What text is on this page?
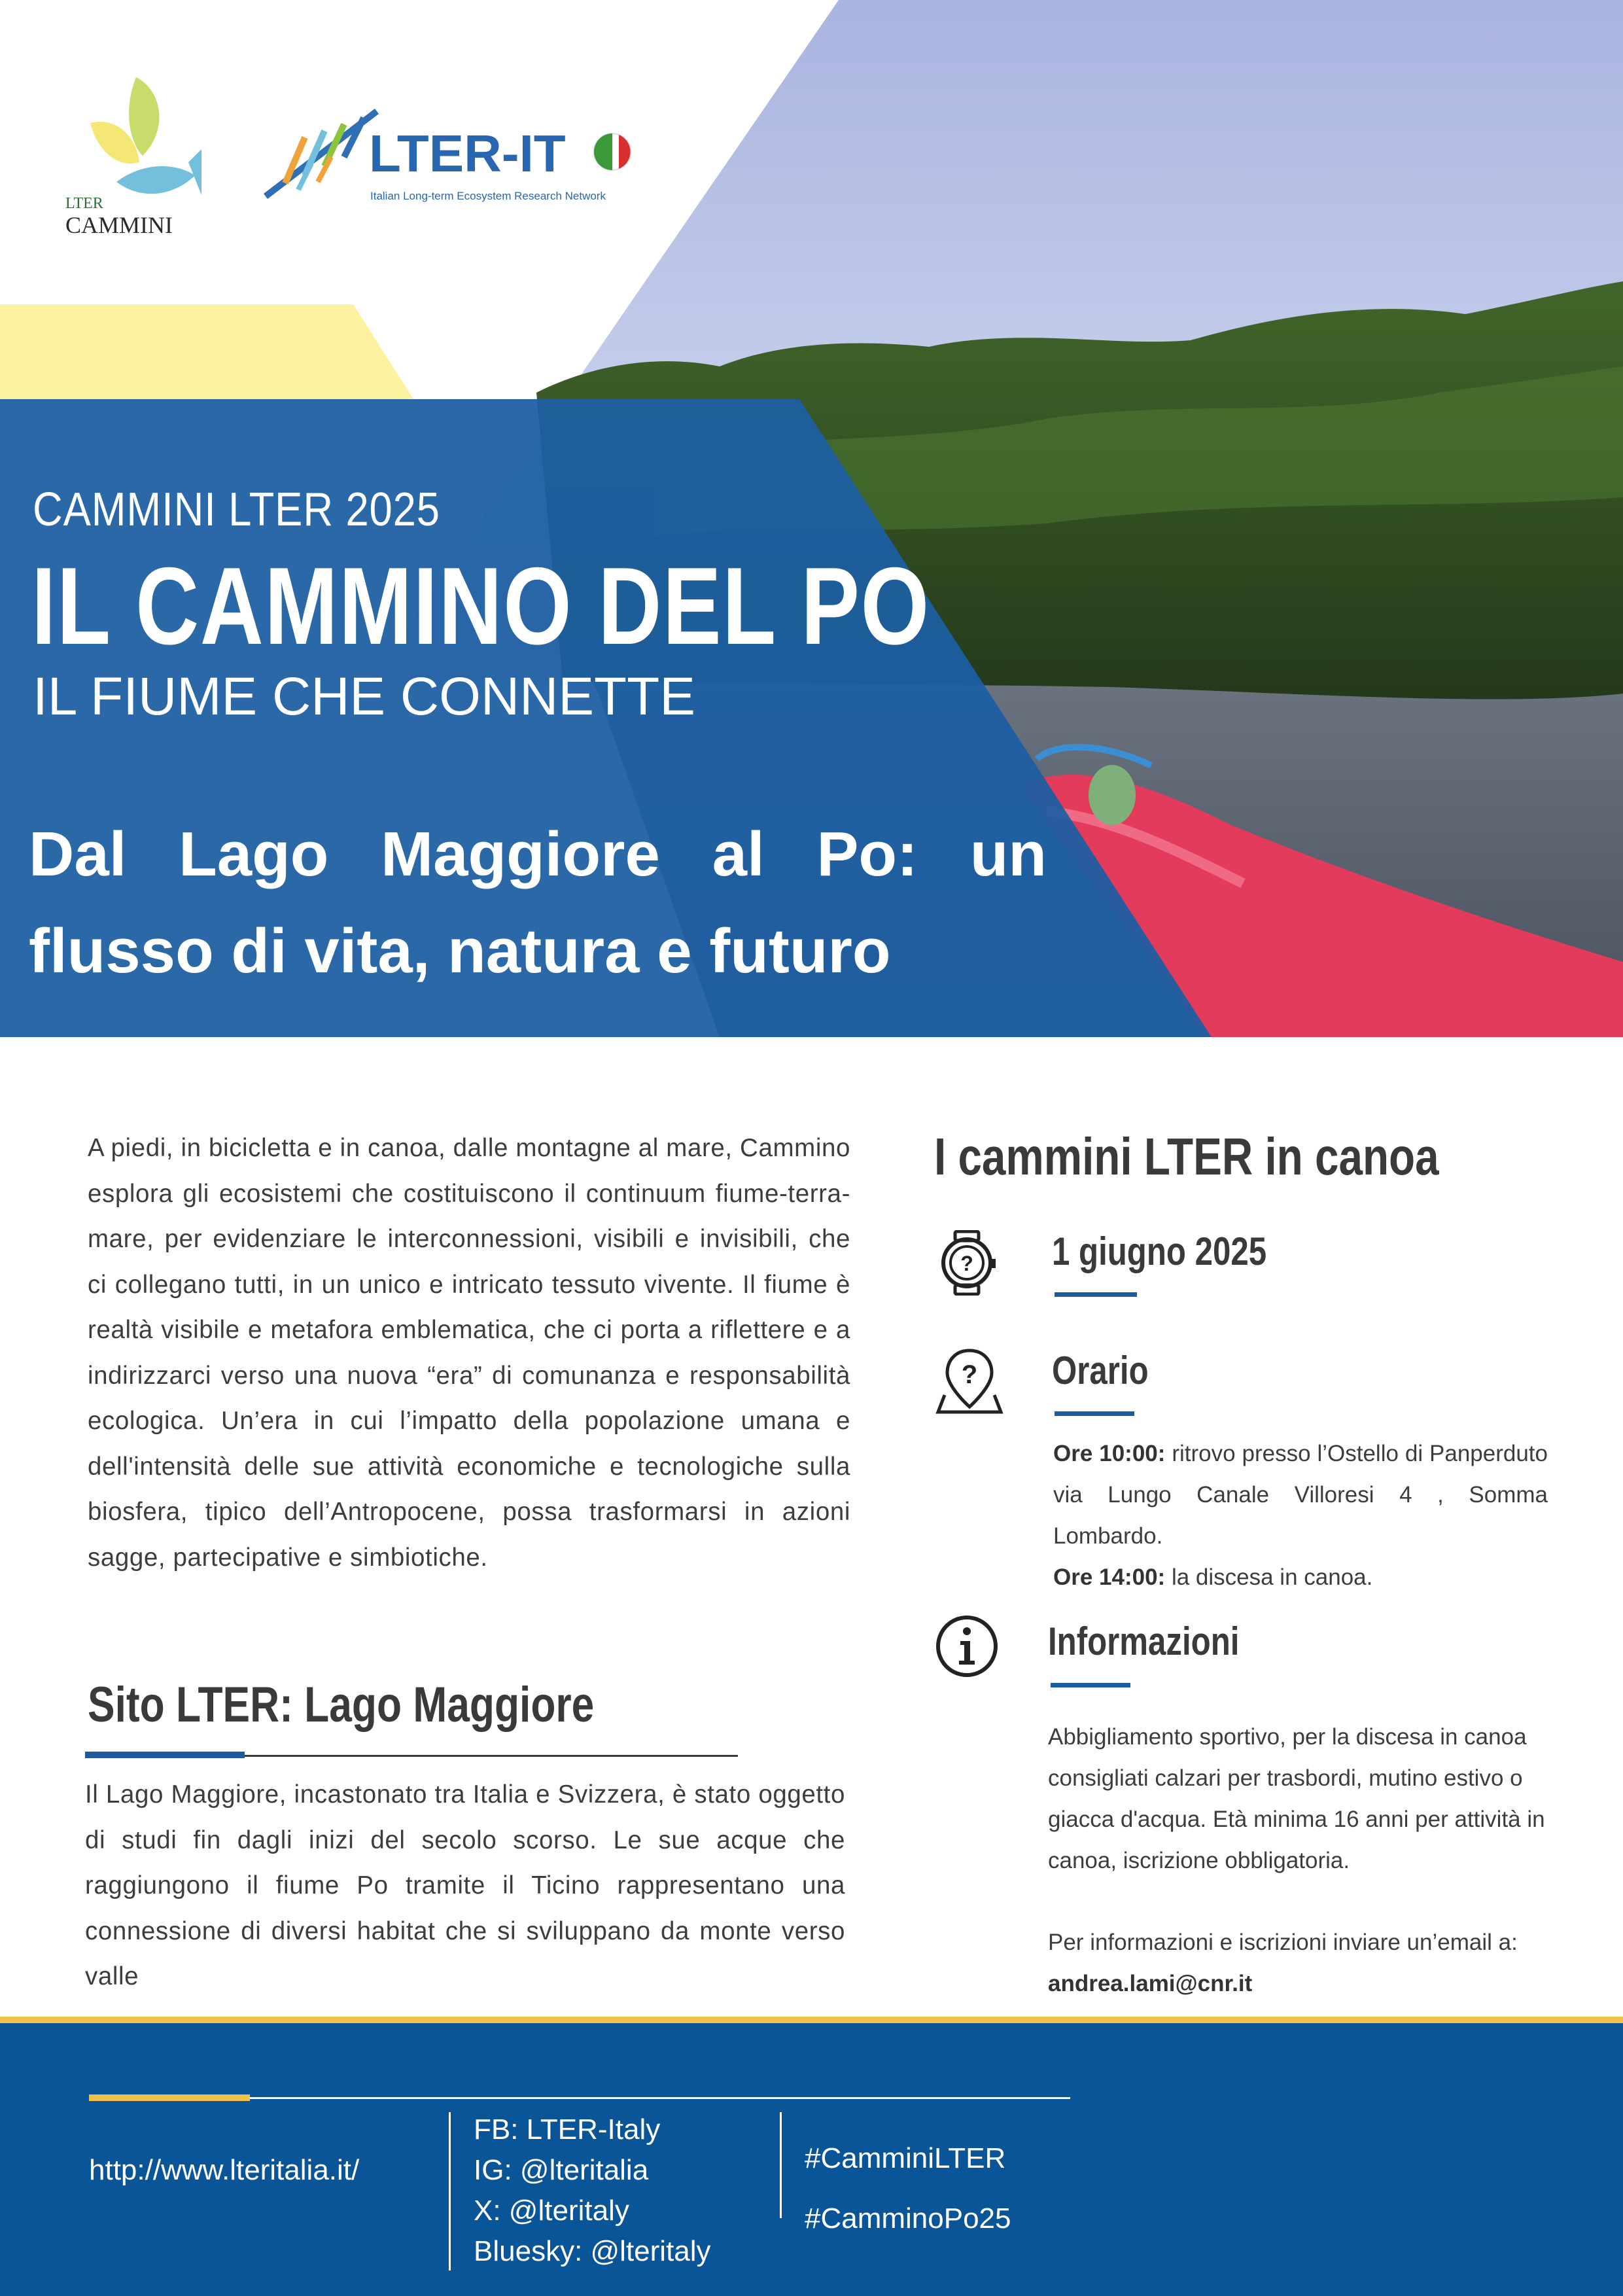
LTER
CAMMINI
LTER-IT
Italian Long-term Ecosystem Research Network
CAMMINI LTER 2025
IL CAMMINO DEL PO
IL FIUME CHE CONNETTE
Dal Lago Maggiore al Po: un flusso di vita, natura e futuro
A piedi, in bicicletta e in canoa, dalle montagne al mare, Cammino esplora gli ecosistemi che costituiscono il continuum fiume-terra-mare, per evidenziare le interconnessioni, visibili e invisibili, che ci collegano tutti, in un unico e intricato tessuto vivente. Il fiume è realtà visibile e metafora emblematica, che ci porta a riflettere e a indirizzarci verso una nuova “era” di comunanza e responsabilità ecologica. Un’era in cui l’impatto della popolazione umana e dell'intensità delle sue attività economiche e tecnologiche sulla biosfera, tipico dell’Antropocene, possa trasformarsi in azioni sagge, partecipative e simbiotiche.
Sito LTER: Lago Maggiore
Il Lago Maggiore, incastonato tra Italia e Svizzera, è stato oggetto di studi fin dagli inizi del secolo scorso. Le sue acque che raggiungono il fiume Po tramite il Ticino rappresentano una connessione di diversi habitat che si sviluppano da monte verso valle
I cammini LTER in canoa
? 1 giugno 2025
? Orario
Ore 10:00: ritrovo presso l’Ostello di Panperduto via Lungo Canale Villoresi 4 , Somma Lombardo.
Ore 14:00: la discesa in canoa.
Informazioni
Abbigliamento sportivo, per la discesa in canoa consigliati calzari per trasbordi, mutino estivo o giacca d'acqua. Età minima 16 anni per attività in canoa, iscrizione obbligatoria.
Per informazioni e iscrizioni inviare un’email a:
andrea.lami@cnr.it
http://www.lteritalia.it/
FB: LTER-Italy
IG: @lteritalia
X: @lteritaly
Bluesky: @lteritaly
#CamminiLTER
#CamminoPo25
